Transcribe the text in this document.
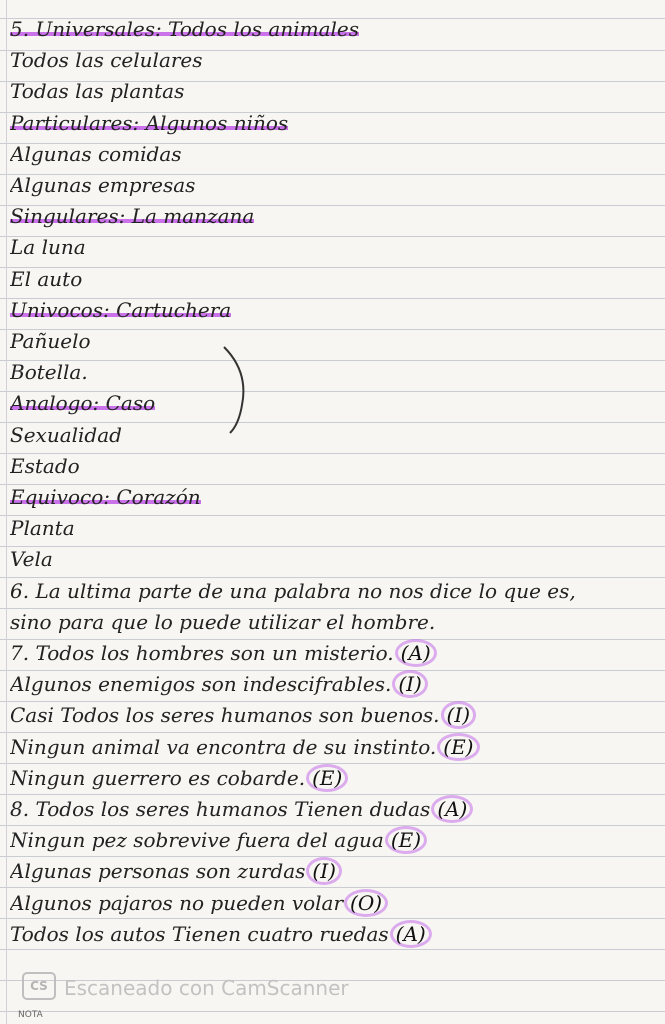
5. Universales: Todos los animales
Todos las celulares
Todas las plantas
Particulares: Algunos niños
Algunas comidas
Algunas empresas
Singulares: La manzana
La luna
El auto
Univocos: Cartuchera
Pañuelo
Botella.
Analogo: Caso
Sexualidad
Estado
Equivoco: Corazón
Planta
Vela
6. La ultima parte de una palabra no nos dice lo que es,
sino para que lo puede utilizar el hombre.
7. Todos los hombres son un misterio. (A)
Algunos enemigos son indescifrables. (I)
Casi Todos los seres humanos son buenos. (I)
Ningun animal va encontra de su instinto. (E)
Ningun guerrero es cobarde. (E)
8. Todos los seres humanos Tienen dudas (A)
Ningun pez sobrevive fuera del agua (E)
Algunas personas son zurdas (I)
Algunos pajaros no pueden volar (O)
Todos los autos Tienen cuatro ruedas (A)
CS Escaneado con CamScanner
NOTA
